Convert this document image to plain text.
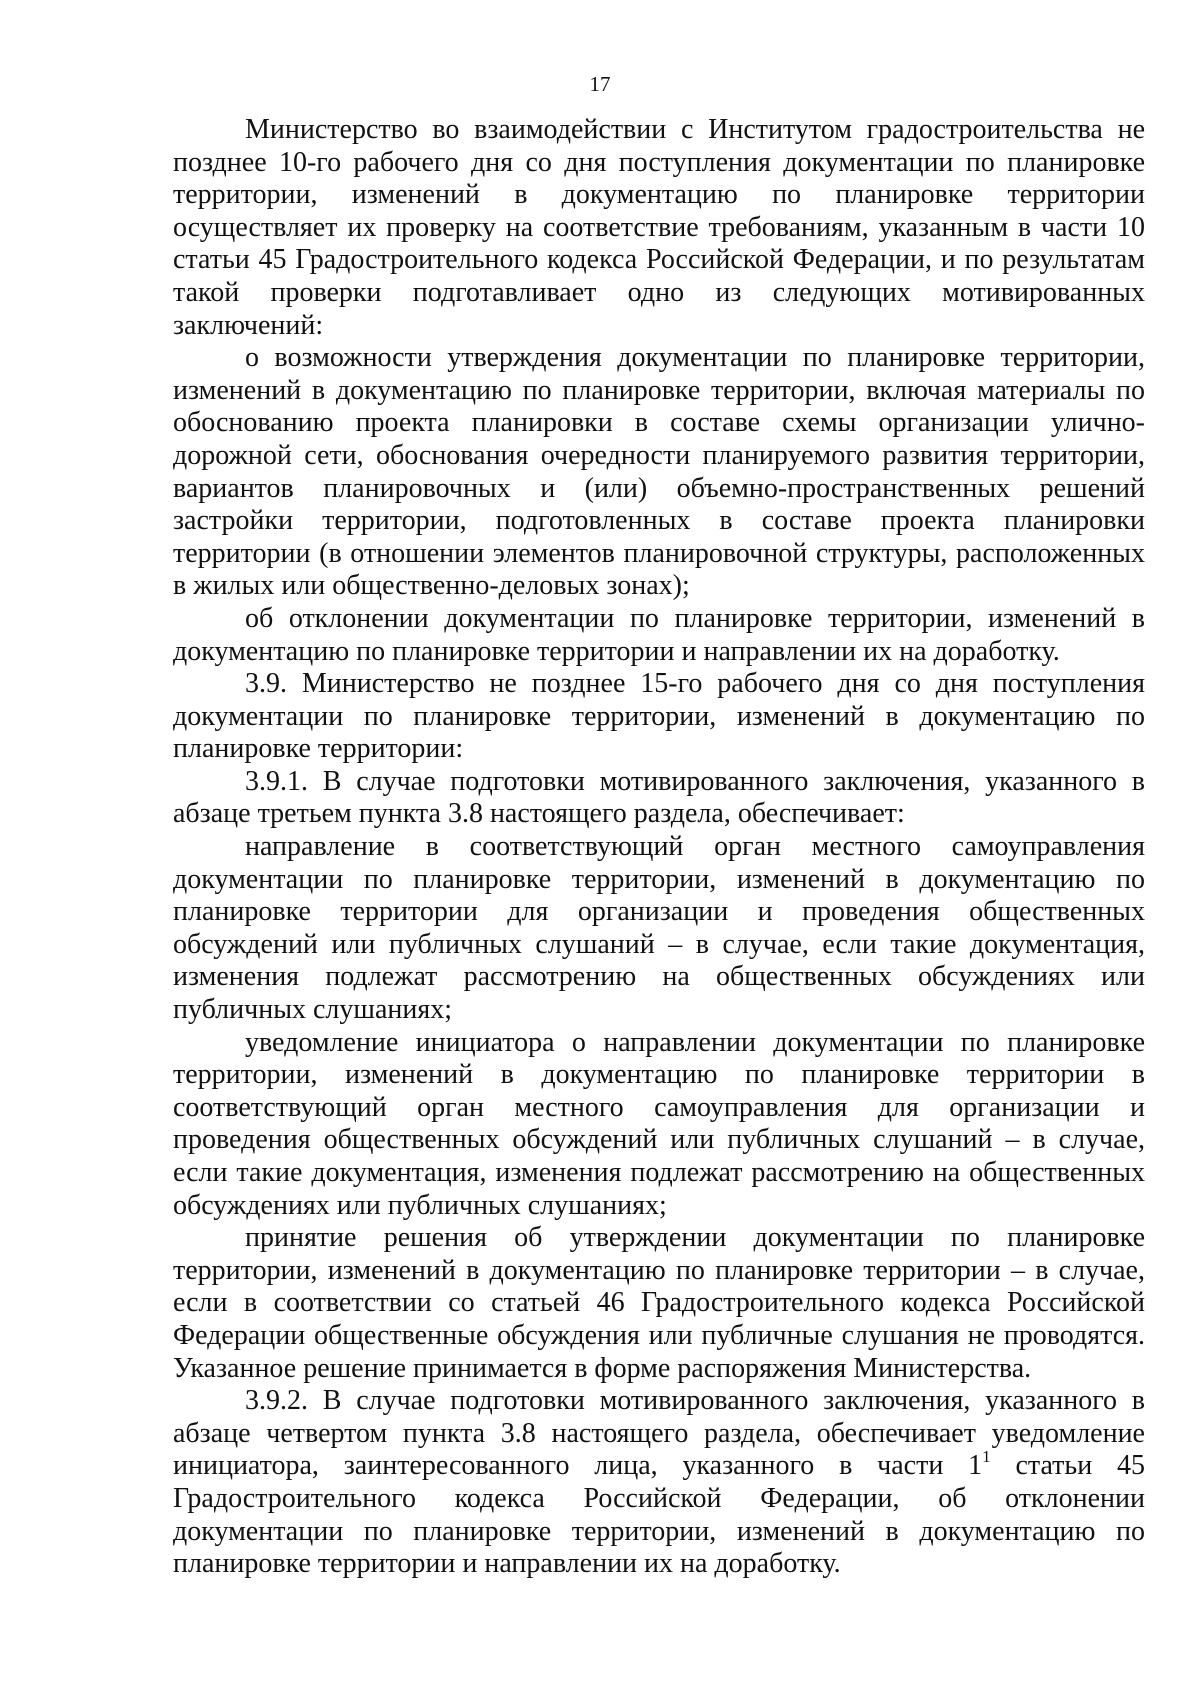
17

Министерство во взаимодействии с Институтом градостроительства не позднее 10-го рабочего дня со дня поступления документации по планировке территории, изменений в документацию по планировке территории осуществляет их проверку на соответствие требованиям, указанным в части 10 статьи 45 Градостроительного кодекса Российской Федерации, и по результатам такой проверки подготавливает одно из следующих мотивированных заключений:

о возможности утверждения документации по планировке территории, изменений в документацию по планировке территории, включая материалы по обоснованию проекта планировки в составе схемы организации улично-дорожной сети, обоснования очередности планируемого развития территории, вариантов планировочных и (или) объемно-пространственных решений застройки территории, подготовленных в составе проекта планировки территории (в отношении элементов планировочной структуры, расположенных в жилых или общественно-деловых зонах);

об отклонении документации по планировке территории, изменений в документацию по планировке территории и направлении их на доработку.

3.9. Министерство не позднее 15-го рабочего дня со дня поступления документации по планировке территории, изменений в документацию по планировке территории:

3.9.1. В случае подготовки мотивированного заключения, указанного в абзаце третьем пункта 3.8 настоящего раздела, обеспечивает:

направление в соответствующий орган местного самоуправления документации по планировке территории, изменений в документацию по планировке территории для организации и проведения общественных обсуждений или публичных слушаний – в случае, если такие документация, изменения подлежат рассмотрению на общественных обсуждениях или публичных слушаниях;

уведомление инициатора о направлении документации по планировке территории, изменений в документацию по планировке территории в соответствующий орган местного самоуправления для организации и проведения общественных обсуждений или публичных слушаний – в случае, если такие документация, изменения подлежат рассмотрению на общественных обсуждениях или публичных слушаниях;

принятие решения об утверждении документации по планировке территории, изменений в документацию по планировке территории – в случае, если в соответствии со статьей 46 Градостроительного кодекса Российской Федерации общественные обсуждения или публичные слушания не проводятся. Указанное решение принимается в форме распоряжения Министерства.

3.9.2. В случае подготовки мотивированного заключения, указанного в абзаце четвертом пункта 3.8 настоящего раздела, обеспечивает уведомление инициатора, заинтересованного лица, указанного в части $1^1$ статьи 45 Градостроительного кодекса Российской Федерации, об отклонении документации по планировке территории, изменений в документацию по планировке территории и направлении их на доработку.
